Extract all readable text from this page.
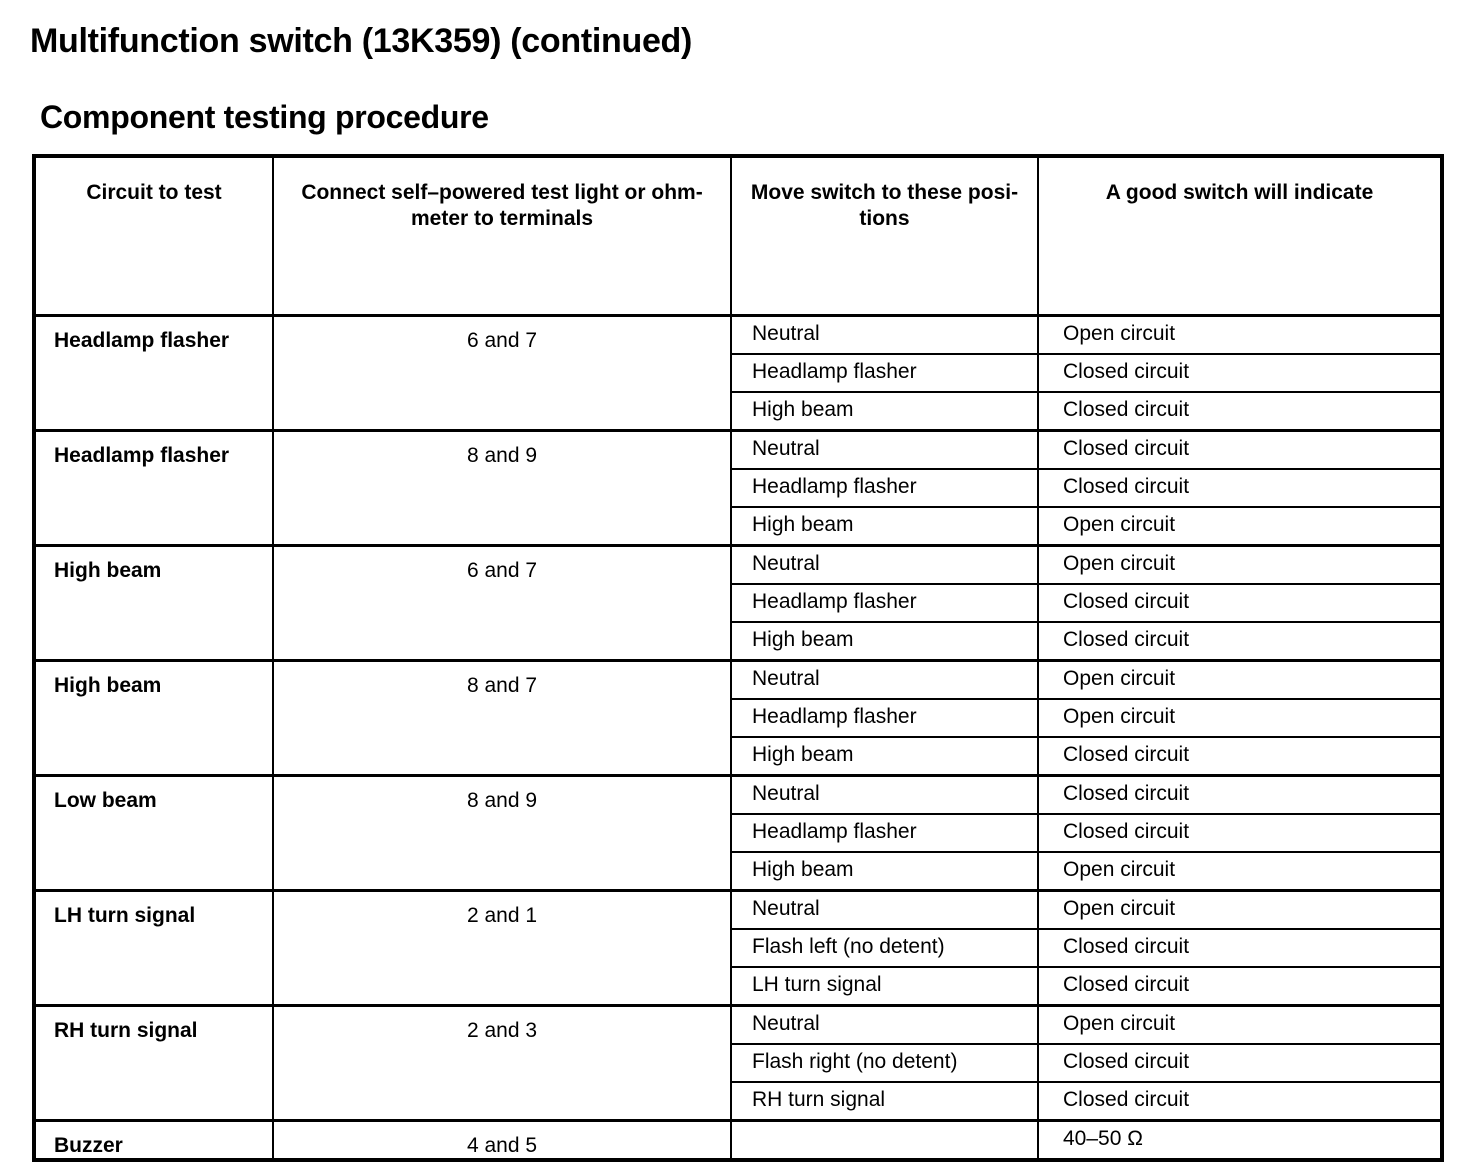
Multifunction switch (13K359) (continued)
Component testing procedure
Circuit to test	Connect self–powered test light or ohm-meter to terminals	Move switch to these posi-tions	A good switch will indicate
Headlamp flasher	6 and 7	Neutral	Open circuit
		Headlamp flasher	Closed circuit
		High beam	Closed circuit
Headlamp flasher	8 and 9	Neutral	Closed circuit
		Headlamp flasher	Closed circuit
		High beam	Open circuit
High beam	6 and 7	Neutral	Open circuit
		Headlamp flasher	Closed circuit
		High beam	Closed circuit
High beam	8 and 7	Neutral	Open circuit
		Headlamp flasher	Open circuit
		High beam	Closed circuit
Low beam	8 and 9	Neutral	Closed circuit
		Headlamp flasher	Closed circuit
		High beam	Open circuit
LH turn signal	2 and 1	Neutral	Open circuit
		Flash left (no detent)	Closed circuit
		LH turn signal	Closed circuit
RH turn signal	2 and 3	Neutral	Open circuit
		Flash right (no detent)	Closed circuit
		RH turn signal	Closed circuit
Buzzer	4 and 5		40–50 Ω
